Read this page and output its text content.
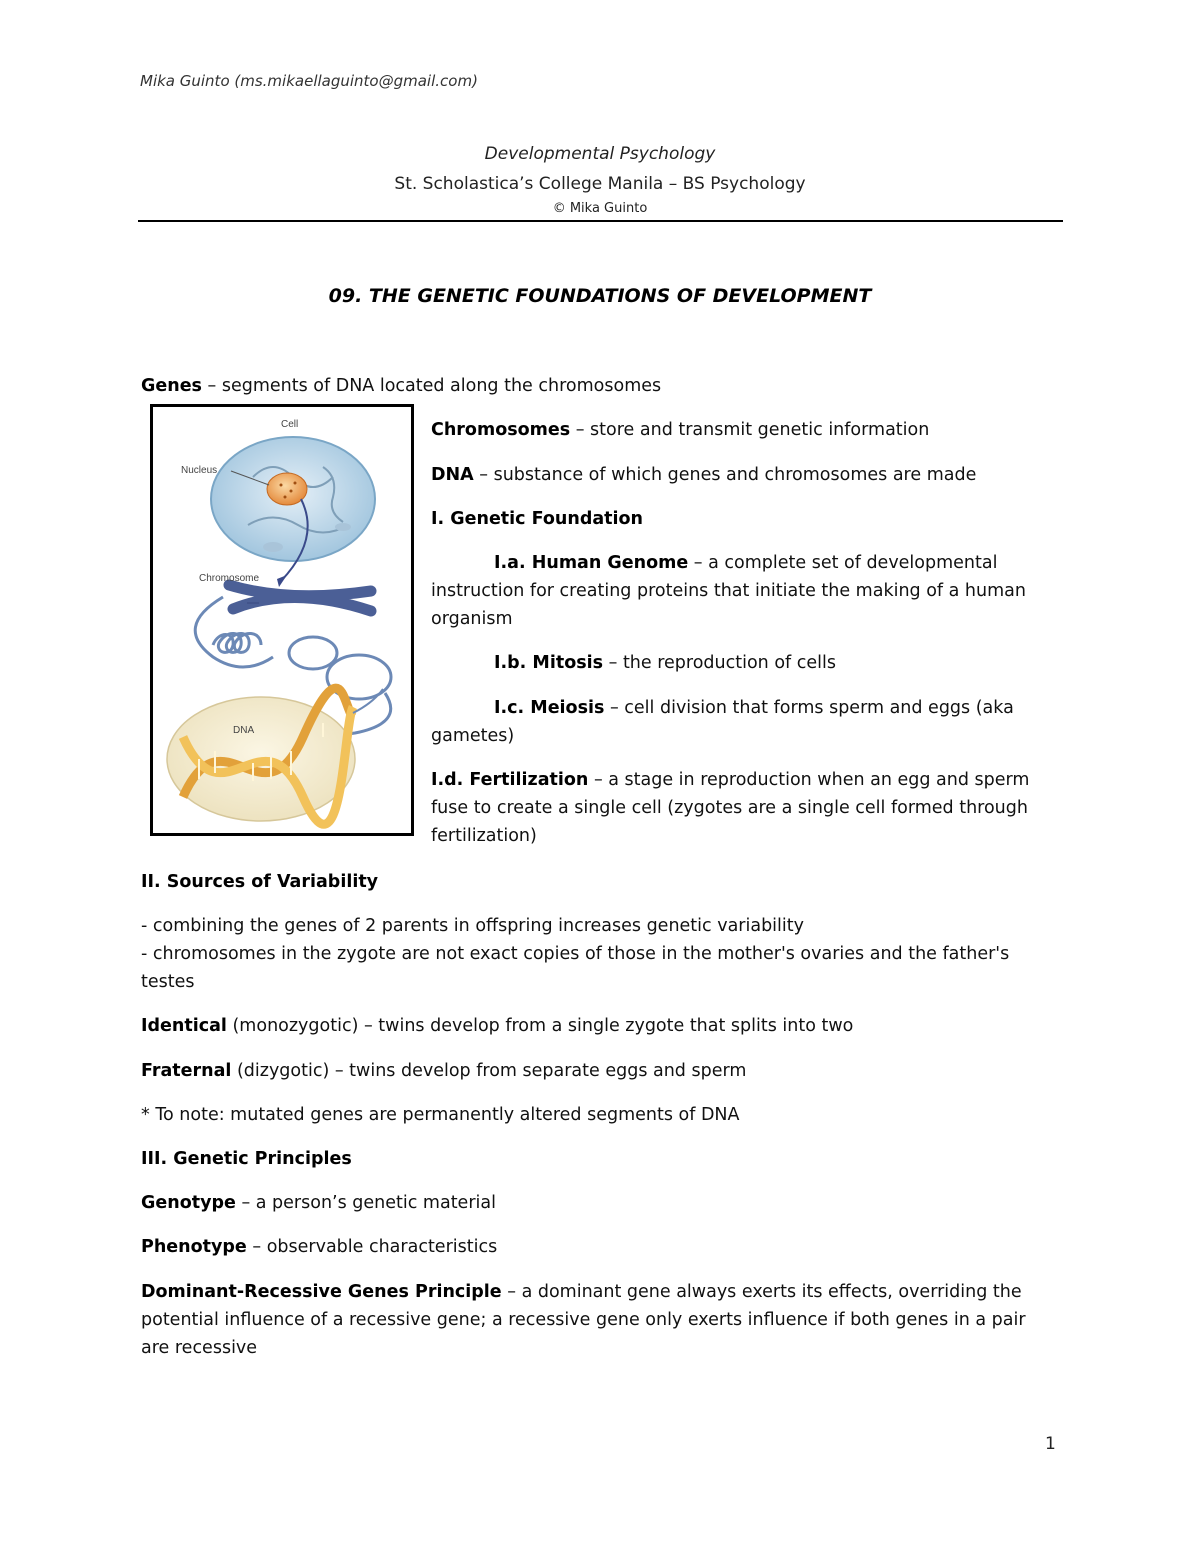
Mika Guinto (ms.mikaellaguinto@gmail.com)
Developmental Psychology
St. Scholastica’s College Manila – BS Psychology
© Mika Guinto
09. THE GENETIC FOUNDATIONS OF DEVELOPMENT
Genes – segments of DNA located along the chromosomes
Cell
Nucleus
Chromosome
DNA
Chromosomes – store and transmit genetic information
DNA – substance of which genes and chromosomes are made
I. Genetic Foundation
I.a. Human Genome – a complete set of developmental
instruction for creating proteins that initiate the making of a human organism
I.b. Mitosis – the reproduction of cells
I.c. Meiosis – cell division that forms sperm and eggs (aka
gametes)
I.d. Fertilization – a stage in reproduction when an egg and sperm fuse to create a single cell (zygotes are a single cell formed through fertilization)
II. Sources of Variability
- combining the genes of 2 parents in offspring increases genetic variability
- chromosomes in the zygote are not exact copies of those in the mother's ovaries and the father's testes
Identical (monozygotic) – twins develop from a single zygote that splits into two
Fraternal (dizygotic) – twins develop from separate eggs and sperm
* To note: mutated genes are permanently altered segments of DNA
III. Genetic Principles
Genotype – a person’s genetic material
Phenotype – observable characteristics
Dominant-Recessive Genes Principle – a dominant gene always exerts its effects, overriding the potential influence of a recessive gene; a recessive gene only exerts influence if both genes in a pair are recessive
1
